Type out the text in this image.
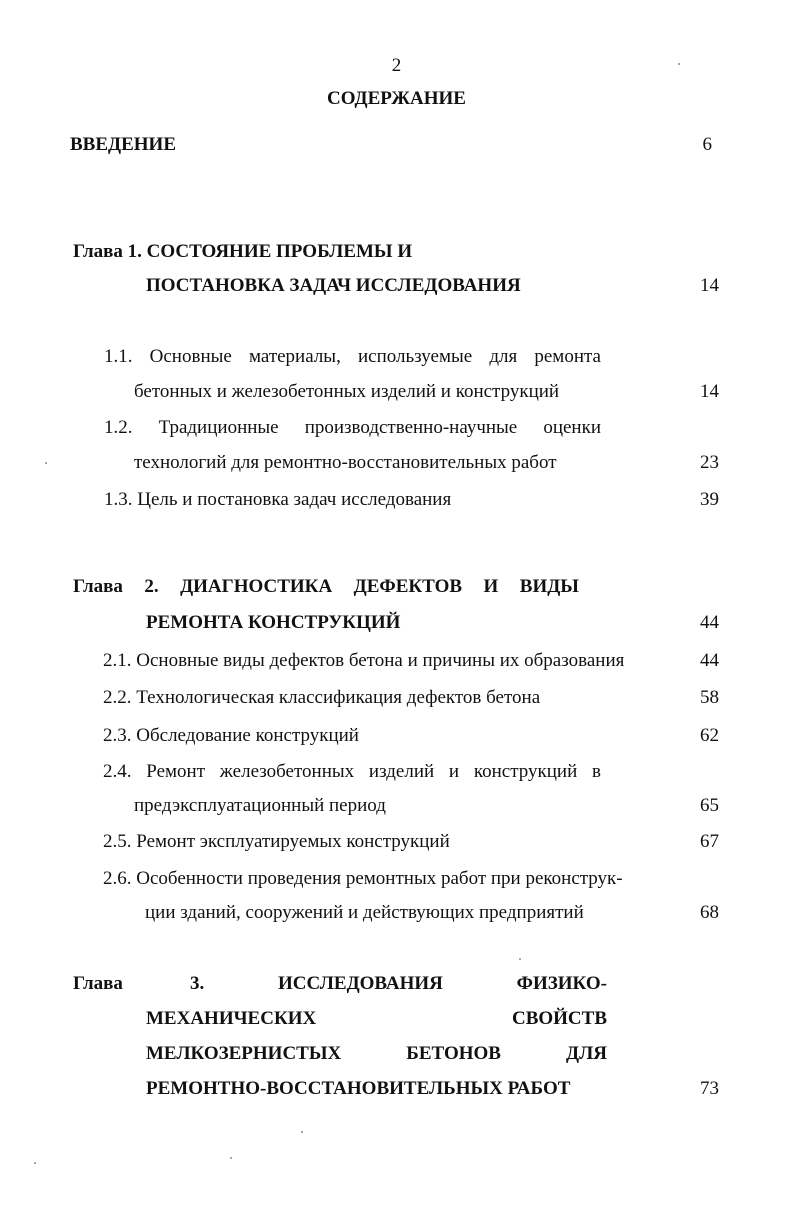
2
СОДЕРЖАНИЕ
ВВЕДЕНИЕ	6
Глава 1. СОСТОЯНИЕ ПРОБЛЕМЫ И
ПОСТАНОВКА ЗАДАЧ ИССЛЕДОВАНИЯ	14
1.1. Основные материалы, используемые для ремонта
бетонных и железобетонных изделий и конструкций	14
1.2. Традиционные производственно-научные оценки
технологий для ремонтно-восстановительных работ	23
1.3. Цель и постановка задач исследования	39
Глава 2. ДИАГНОСТИКА ДЕФЕКТОВ И ВИДЫ
РЕМОНТА КОНСТРУКЦИЙ	44
2.1. Основные виды дефектов бетона и причины их образования	44
2.2. Технологическая классификация дефектов бетона	58
2.3. Обследование конструкций	62
2.4. Ремонт железобетонных изделий и конструкций в
предэксплуатационный период	65
2.5. Ремонт эксплуатируемых конструкций	67
2.6. Особенности проведения ремонтных работ при реконструк-
ции зданий, сооружений и действующих предприятий	68
Глава	3.	ИССЛЕДОВАНИЯ	ФИЗИКО-
МЕХАНИЧЕСКИХ	СВОЙСТВ
МЕЛКОЗЕРНИСТЫХ	БЕТОНОВ	ДЛЯ
РЕМОНТНО-ВОССТАНОВИТЕЛЬНЫХ РАБОТ	73
